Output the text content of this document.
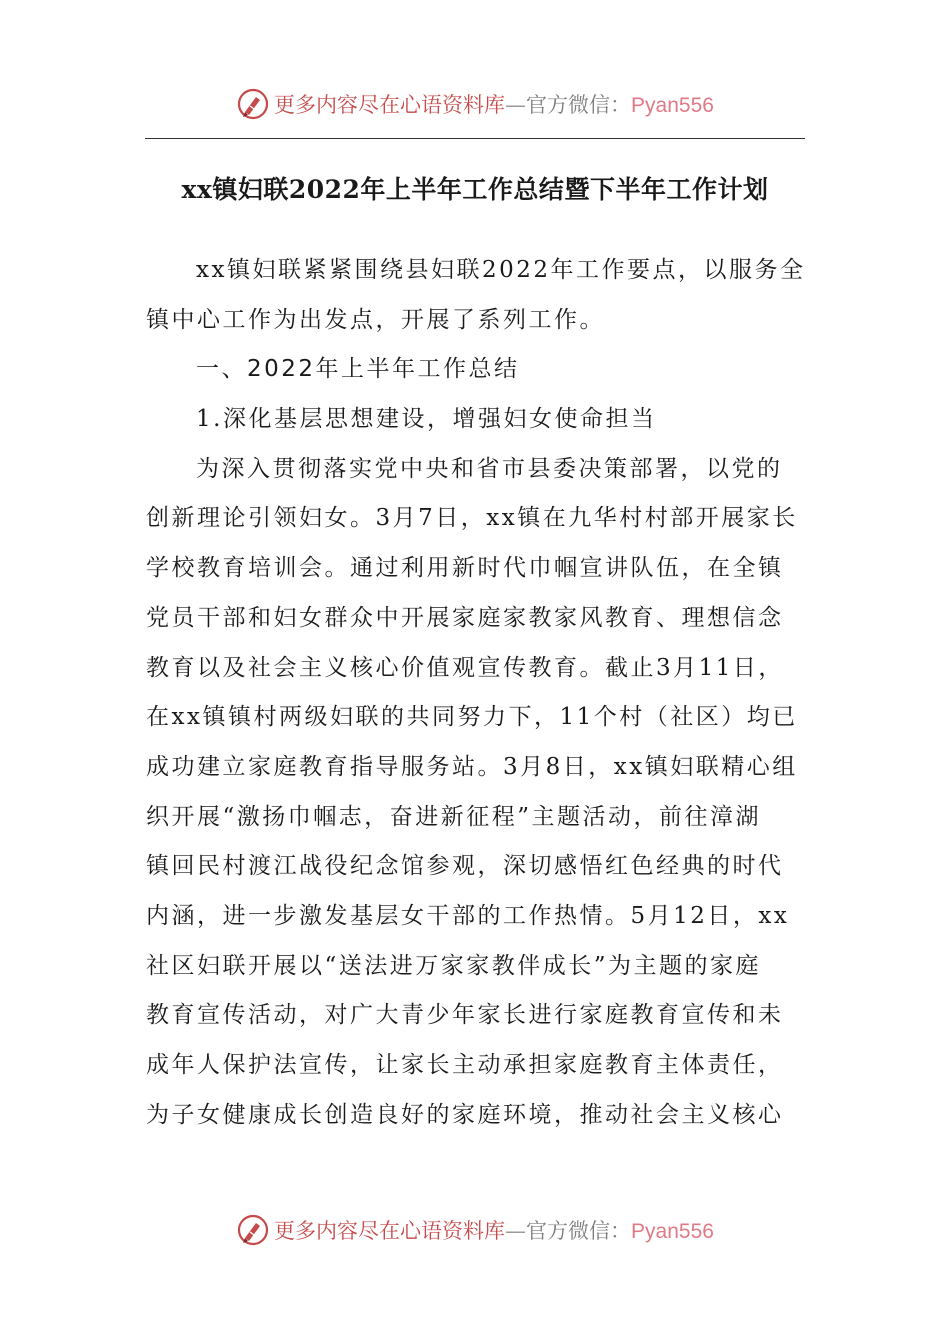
更多内容尽在心语资料库—官方微信：Pyan556
xx镇妇联2022年上半年工作总结暨下半年工作计划
xx镇妇联紧紧围绕县妇联2022年工作要点，以服务全
镇中心工作为出发点，开展了系列工作。
一、2022年上半年工作总结
1.深化基层思想建设，增强妇女使命担当
为深入贯彻落实党中央和省市县委决策部署，以党的
创新理论引领妇女。3月7日，xx镇在九华村村部开展家长
学校教育培训会。通过利用新时代巾帼宣讲队伍，在全镇
党员干部和妇女群众中开展家庭家教家风教育、理想信念
教育以及社会主义核心价值观宣传教育。截止3月11日，
在xx镇镇村两级妇联的共同努力下，11个村（社区）均已
成功建立家庭教育指导服务站。3月8日，xx镇妇联精心组
织开展“激扬巾帼志，奋进新征程”主题活动，前往漳湖
镇回民村渡江战役纪念馆参观，深切感悟红色经典的时代
内涵，进一步激发基层女干部的工作热情。5月12日，xx
社区妇联开展以“送法进万家家教伴成长”为主题的家庭
教育宣传活动，对广大青少年家长进行家庭教育宣传和未
成年人保护法宣传，让家长主动承担家庭教育主体责任，
为子女健康成长创造良好的家庭环境，推动社会主义核心
更多内容尽在心语资料库—官方微信：Pyan556
